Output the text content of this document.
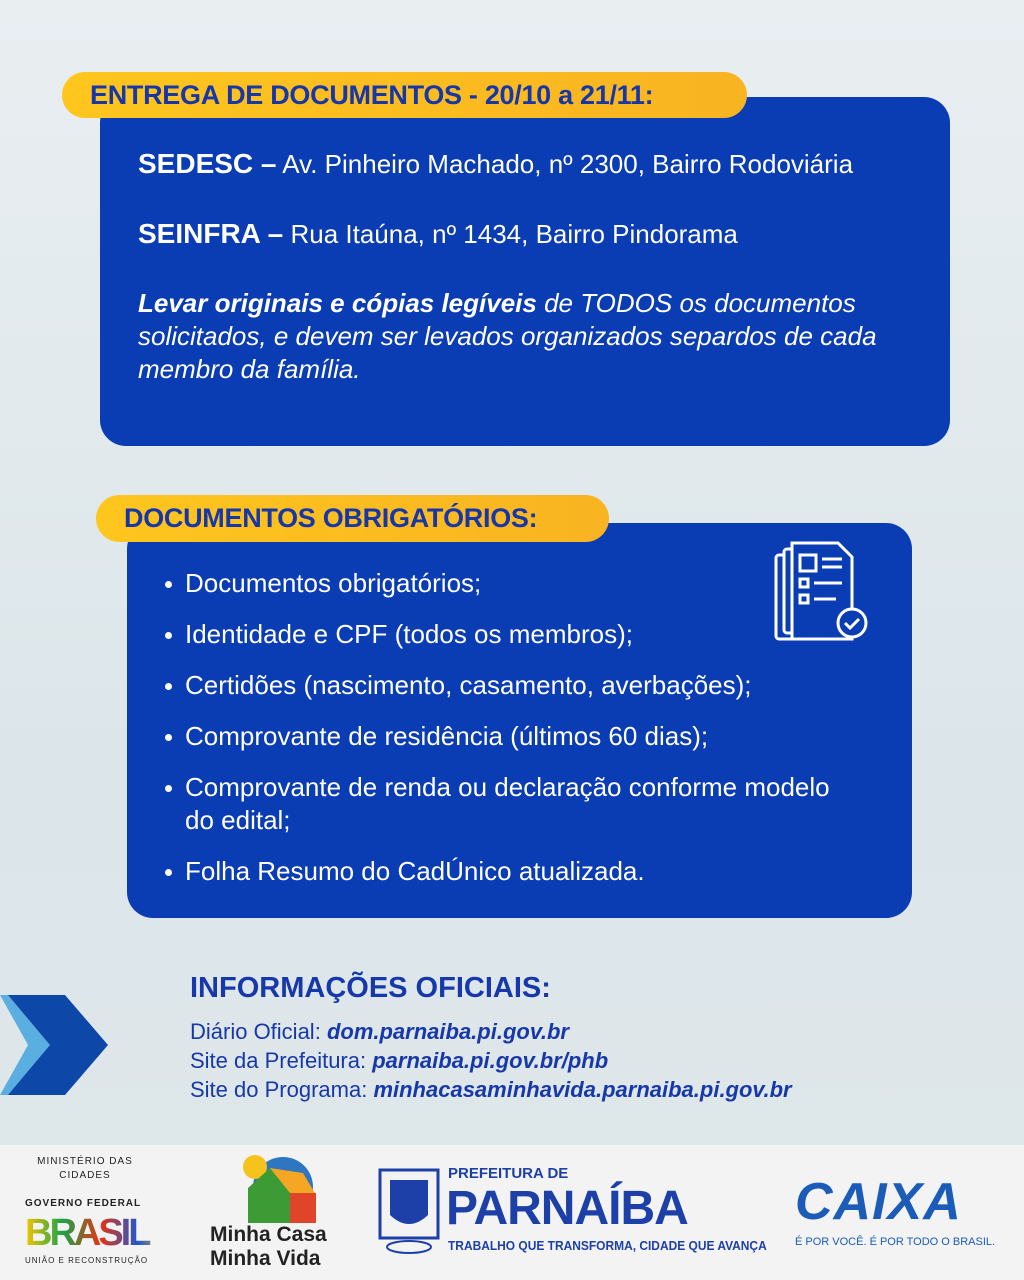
SEDESC – Av. Pinheiro Machado, nº 2300, Bairro Rodoviária

SEINFRA – Rua Itaúna, nº 1434, Bairro Pindorama

Levar originais e cópias legíveis de TODOS os documentos solicitados, e devem ser levados organizados separdos de cada membro da família.

ENTREGA DE DOCUMENTOS - 20/10 a 21/11:
Documentos obrigatórios;
Identidade e CPF (todos os membros);
Certidões (nascimento, casamento, averbações);
Comprovante de residência (últimos 60 dias);
Comprovante de renda ou declaração conforme modelo do edital;
Folha Resumo do CadÚnico atualizada.
DOCUMENTOS OBRIGATÓRIOS:
INFORMAÇÕES OFICIAIS:
Diário Oficial: dom.parnaiba.pi.gov.br
Site da Prefeitura: parnaiba.pi.gov.br/phb
Site do Programa: minhacasaminhavida.parnaiba.pi.gov.br
MINISTÉRIO DAS CIDADES
GOVERNO FEDERAL
BRASIL
UNIÃO E RECONSTRUÇÃO
Minha Casa
Minha Vida
PREFEITURA DE
PARNAÍBA
TRABALHO QUE TRANSFORMA, CIDADE QUE AVANÇA
CAIXA
É POR VOCÊ. É POR TODO O BRASIL.
